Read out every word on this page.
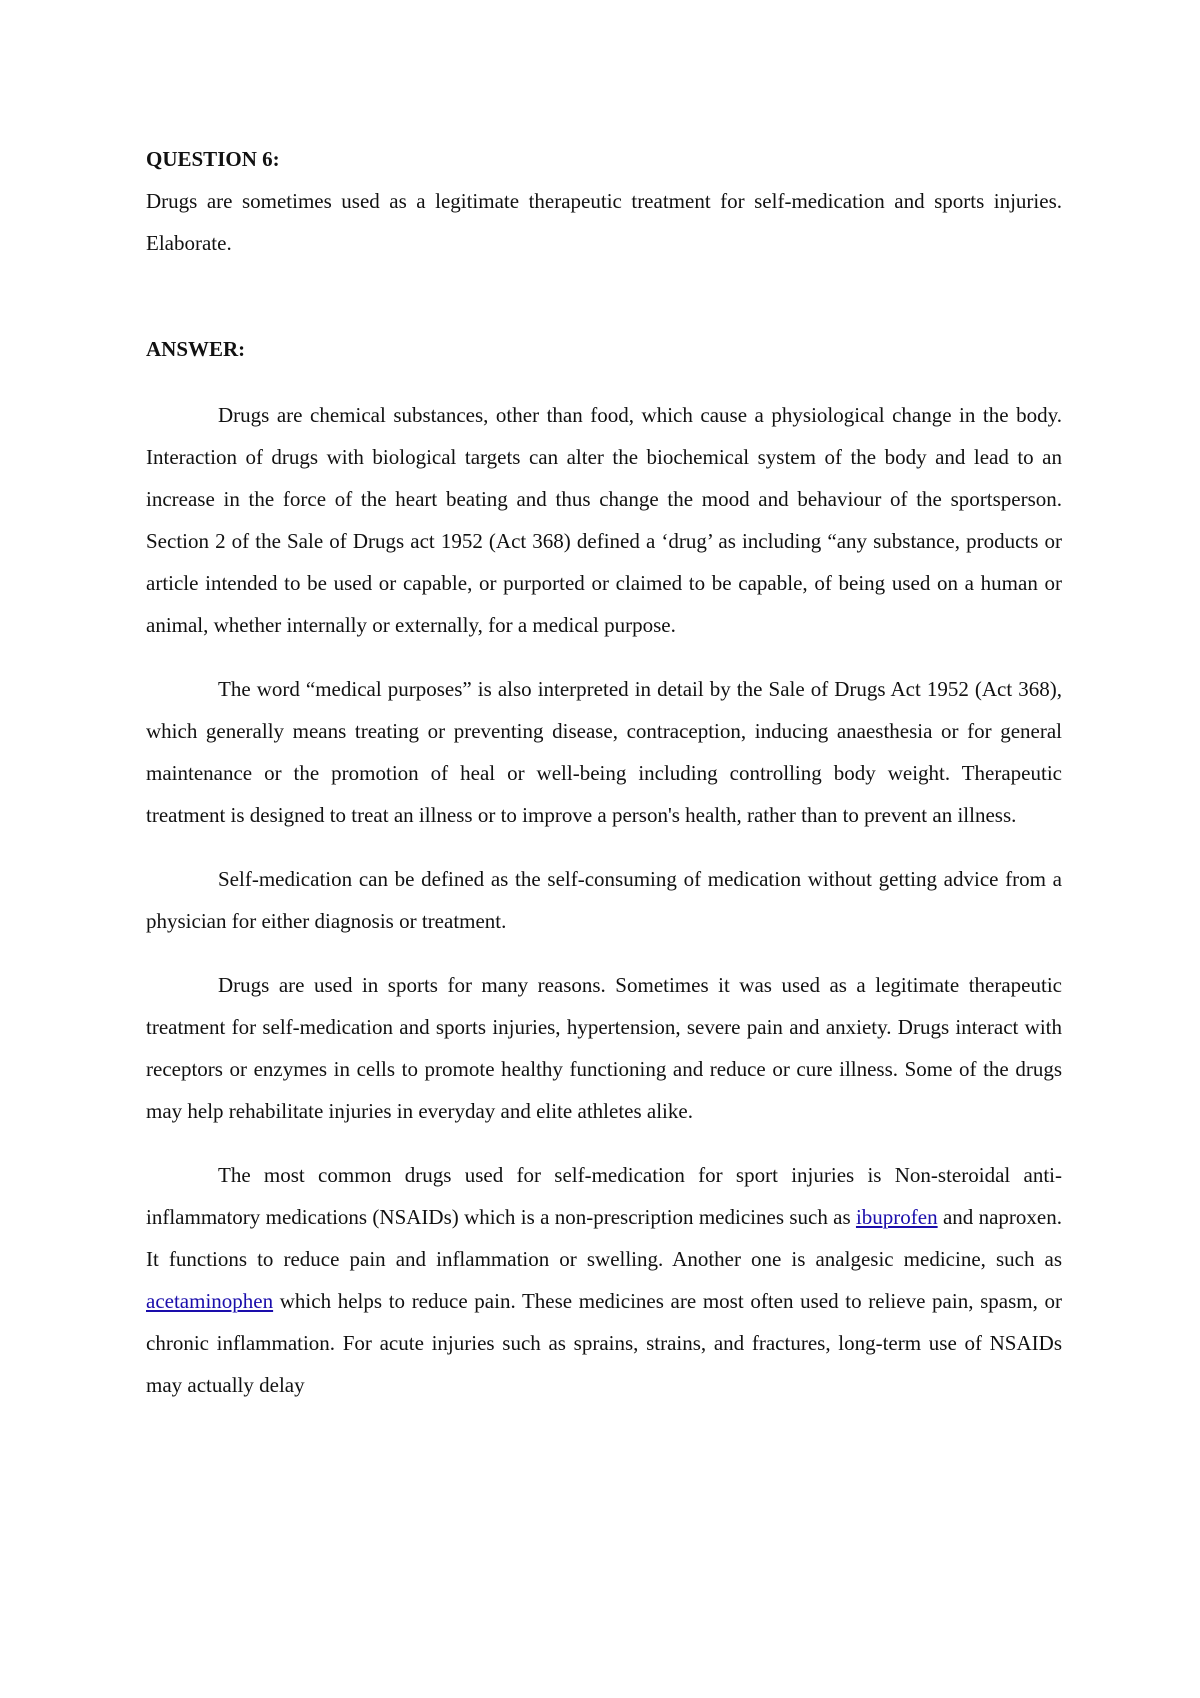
QUESTION 6:

Drugs are sometimes used as a legitimate therapeutic treatment for self-medication and sports injuries. Elaborate.

ANSWER:

Drugs are chemical substances, other than food, which cause a physiological change in the body. Interaction of drugs with biological targets can alter the biochemical system of the body and lead to an increase in the force of the heart beating and thus change the mood and behaviour of the sportsperson. Section 2 of the Sale of Drugs act 1952 (Act 368) defined a ‘drug’ as including “any substance, products or article intended to be used or capable, or purported or claimed to be capable, of being used on a human or animal, whether internally or externally, for a medical purpose.

The word “medical purposes” is also interpreted in detail by the Sale of Drugs Act 1952 (Act 368), which generally means treating or preventing disease, contraception, inducing anaesthesia or for general maintenance or the promotion of heal or well-being including controlling body weight. Therapeutic treatment is designed to treat an illness or to improve a person's health, rather than to prevent an illness.

Self-medication can be defined as the self-consuming of medication without getting advice from a physician for either diagnosis or treatment.

Drugs are used in sports for many reasons. Sometimes it was used as a legitimate therapeutic treatment for self-medication and sports injuries, hypertension, severe pain and anxiety. Drugs interact with receptors or enzymes in cells to promote healthy functioning and reduce or cure illness. Some of the drugs may help rehabilitate injuries in everyday and elite athletes alike.

The most common drugs used for self-medication for sport injuries is Non-steroidal anti-inflammatory medications (NSAIDs) which is a non-prescription medicines such as ibuprofen and naproxen. It functions to reduce pain and inflammation or swelling. Another one is analgesic medicine, such as acetaminophen which helps to reduce pain. These medicines are most often used to relieve pain, spasm, or chronic inflammation. For acute injuries such as sprains, strains, and fractures, long-term use of NSAIDs may actually delay
